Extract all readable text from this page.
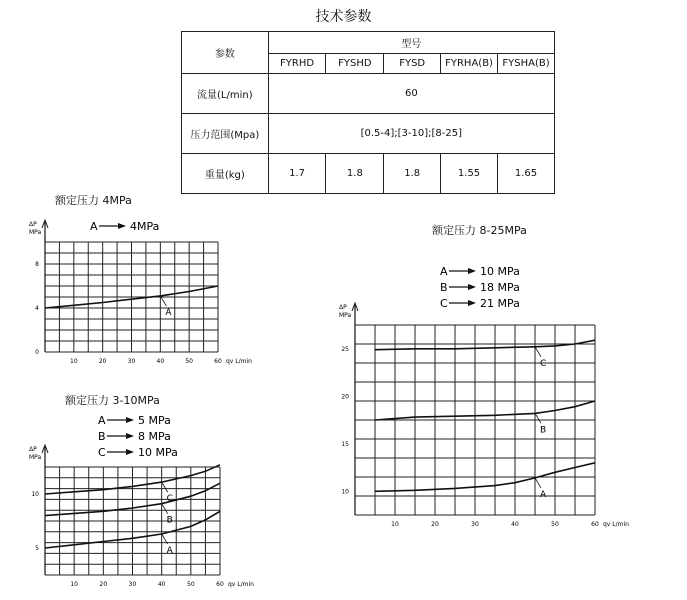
技术参数
参数	型号				
	FYRHD	FYSHD	FYSD	FYRHA(B)	FYSHA(B)
流量(L/min)	60				
压力范围(Mpa)	[0.5-4];[3-10];[8-25]				
重量(kg)	1.7	1.8	1.8	1.55	1.65
额定压力 4MPa
ΔP
MPa
10	20	30	40	50	60 qv L/min
0
4
8
A
A	4MPa
额定压力 3-10MPa
ΔP
MPa
10	20	30	40	50	60 qv L/min
5
10
A
B
C
A	5 MPa
B	8 MPa
C	10 MPa
额定压力 8-25MPa
ΔP
MPa
10	20	30	40	50	60 qv L/min
10
15
20
25
A
B
C
A	10 MPa
B	18 MPa
C	21 MPa
